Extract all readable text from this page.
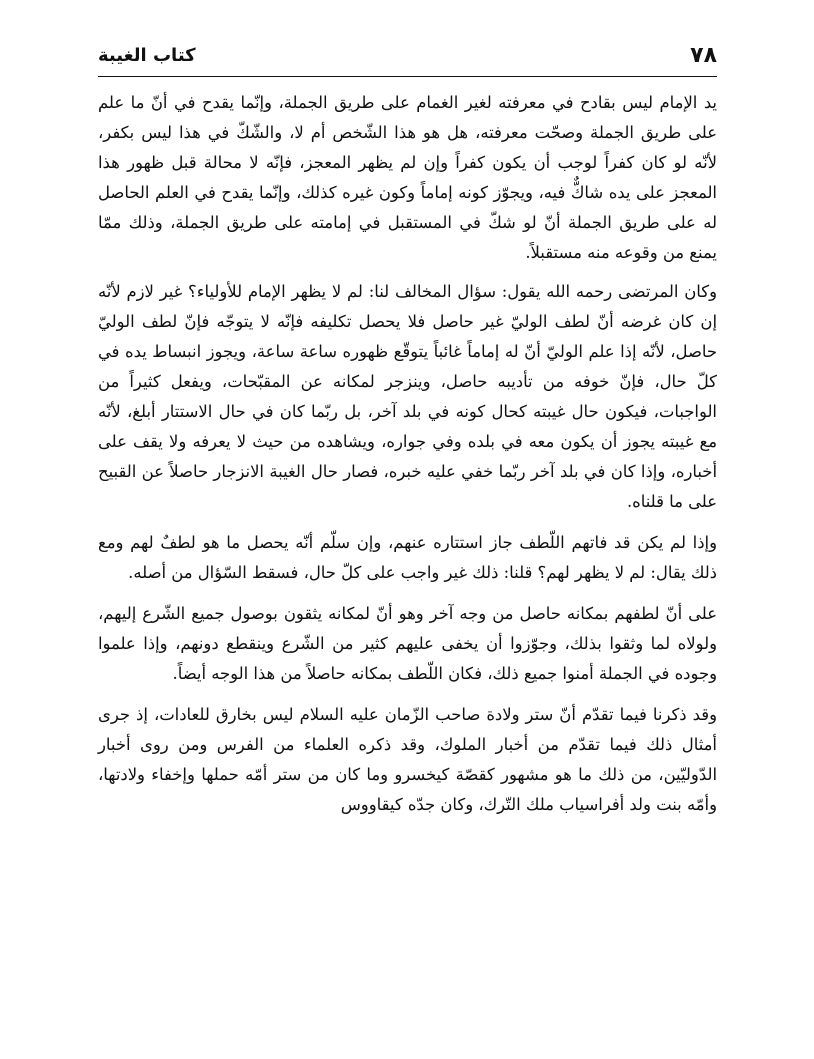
كتاب الغيبة	٧٨

يد الإمام ليس بقادح في معرفته لغير الغمام على طريق الجملة، وإنّما يقدح في أنّ ما علم على طريق الجملة وصحّت معرفته، هل هو هذا الشّخص أم لا، والشّكّ في هذا ليس بكفر، لأنّه لو كان كفراً لوجب أن يكون كفراً وإن لم يظهر المعجز، فإنّه لا محالة قبل ظهور هذا المعجز على يده شاكٌّ فيه، ويجوّز كونه إماماً وكون غيره كذلك، وإنّما يقدح في العلم الحاصل له على طريق الجملة أنّ لو شكّ في المستقبل في إمامته على طريق الجملة، وذلك ممّا يمنع من وقوعه منه مستقبلاً.

وكان المرتضى رحمه الله يقول: سؤال المخالف لنا: لم لا يظهر الإمام للأولياء؟ غير لازم لأنّه إن كان غرضه أنّ لطف الوليّ غير حاصل فلا يحصل تكليفه فإنّه لا يتوجّه فإنّ لطف الوليّ حاصل، لأنّه إذا علم الوليّ أنّ له إماماً غائباً يتوقّع ظهوره ساعة ساعة، ويجوز انبساط يده في كلّ حال، فإنّ خوفه من تأديبه حاصل، وينزجر لمكانه عن المقبّحات، ويفعل كثيراً من الواجبات، فيكون حال غيبته كحال كونه في بلد آخر، بل ربّما كان في حال الاستتار أبلغ، لأنّه مع غيبته يجوز أن يكون معه في بلده وفي جواره، ويشاهده من حيث لا يعرفه ولا يقف على أخباره، وإذا كان في بلد آخر ربّما خفي عليه خبره، فصار حال الغيبة الانزجار حاصلاً عن القبيح على ما قلناه.

وإذا لم يكن قد فاتهم اللّطف جاز استتاره عنهم، وإن سلّم أنّه يحصل ما هو لطفٌ لهم ومع ذلك يقال: لم لا يظهر لهم؟ قلنا: ذلك غير واجب على كلّ حال، فسقط السّؤال من أصله.

على أنّ لطفهم بمكانه حاصل من وجه آخر وهو أنّ لمكانه يثقون بوصول جميع الشّرع إليهم، ولولاه لما وثقوا بذلك، وجوّزوا أن يخفى عليهم كثير من الشّرع وينقطع دونهم، وإذا علموا وجوده في الجملة أمنوا جميع ذلك، فكان اللّطف بمكانه حاصلاً من هذا الوجه أيضاً.

وقد ذكرنا فيما تقدّم أنّ ستر ولادة صاحب الزّمان عليه السلام ليس بخارق للعادات، إذ جرى أمثال ذلك فيما تقدّم من أخبار الملوك، وقد ذكره العلماء من الفرس ومن روى أخبار الدّوليّين، من ذلك ما هو مشهور كقصّة كيخسرو وما كان من ستر أمّه حملها وإخفاء ولادتها، وأمّه بنت ولد أفراسياب ملك التّرك، وكان جدّه كيقاووس
